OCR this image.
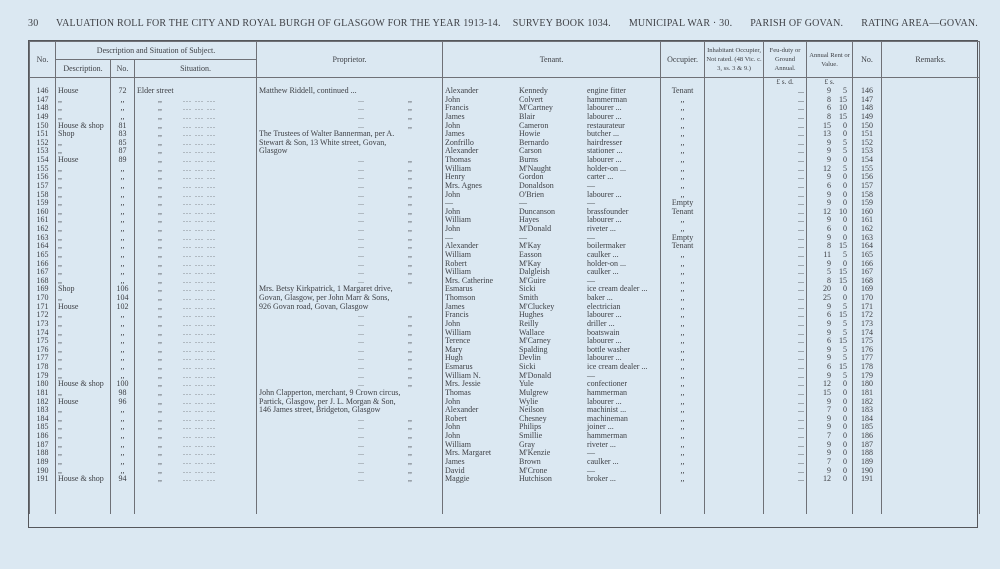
30	VALUATION ROLL FOR THE CITY AND ROYAL BURGH OF GLASGOW FOR THE YEAR 1913-14.	SURVEY BOOK 1034. MUNICIPAL WAR · 30. PARISH OF GOVAN. RATING AREA—GOVAN.
No.	Description and Situation of Subject.			Proprietor.	Tenant.	Occupier.	Inhabitant Occupier, Not rated. (48 Vic. c. 3, ss. 3 & 9.)	Feu-duty or Ground Annual.	Annual Rent or Value.	No.	Remarks.
	Description.	No.	Situation.								
								£ s. d.	£ s.		
146	House	72	Elder street	Matthew Riddell, continued ...	Alexander Kennedy engine fitter	Tenant		...	9 5	146	
147	,,	,,	,, ... ... ...	... ,,	John Colvert hammerman	,,		...	8 15	147	
148	,,	,,	,, ... ... ...	... ,,	Francis M'Cartney labourer ...	,,		...	6 10	148	
149	,,	,,	,, ... ... ...	... ,,	James Blair labourer ...	,,		...	8 15	149	
150	House & shop	81	,, ... ... ...	... ,,	John Cameron restaurateur	,,		...	15 0	150	
151	Shop	83	,, ... ... ...	The Trustees of Walter Bannerman, per A.	James Howie butcher ...	,,		...	13 0	151	
152	,,	85	,, ... ... ...	Stewart & Son, 13 White street, Govan,	Zonfrillo Bernardo hairdresser	,,		...	9 5	152	
153	,,	87	,, ... ... ...	Glasgow	Alexander Carson stationer ...	,,		...	9 5	153	
154	House	89	,, ... ... ...	... ,,	Thomas Burns labourer ...	,,		...	9 0	154	
155	,,	,,	,, ... ... ...	... ,,	William M'Naught holder-on ...	,,		...	12 5	155	
156	,,	,,	,, ... ... ...	... ,,	Henry Gordon carter ...	,,		...	9 0	156	
157	,,	,,	,, ... ... ...	... ,,	Mrs. Agnes Donaldson —	,,		...	6 0	157	
158	,,	,,	,, ... ... ...	... ,,	John O'Brien labourer ...	,,		...	9 0	158	
159	,,	,,	,, ... ... ...	... ,,	— — —	Empty		...	9 0	159	
160	,,	,,	,, ... ... ...	... ,,	John Duncanson brassfounder	Tenant		...	12 10	160	
161	,,	,,	,, ... ... ...	... ,,	William Hayes labourer ...	,,		...	9 0	161	
162	,,	,,	,, ... ... ...	... ,,	John M'Donald riveter ...	,,		...	6 0	162	
163	,,	,,	,, ... ... ...	... ,,	— — —	Empty		...	9 0	163	
164	,,	,,	,, ... ... ...	... ,,	Alexander M'Kay boilermaker	Tenant		...	8 15	164	
165	,,	,,	,, ... ... ...	... ,,	William Easson caulker ...	,,		...	11 5	165	
166	,,	,,	,, ... ... ...	... ,,	Robert M'Kay holder-on ...	,,		...	9 0	166	
167	,,	,,	,, ... ... ...	... ,,	William Dalgleish caulker ...	,,		...	5 15	167	
168	,,	,,	,, ... ... ...	... ,,	Mrs. Catherine M'Guire —	,,		...	8 15	168	
169	Shop	106	,, ... ... ...	Mrs. Betsy Kirkpatrick, 1 Margaret drive,	Esmarus Sicki ice cream dealer ...	,,		...	20 0	169	
170	,,	104	,, ... ... ...	Govan, Glasgow, per John Marr & Sons,	Thomson Smith baker ...	,,		...	25 0	170	
171	House	102	,, ... ... ...	926 Govan road, Govan, Glasgow	James M'Cluckey electrician	,,		...	9 5	171	
172	,,	,,	,, ... ... ...	... ,,	Francis Hughes labourer ...	,,		...	6 15	172	
173	,,	,,	,, ... ... ...	... ,,	John Reilly driller ...	,,		...	9 5	173	
174	,,	,,	,, ... ... ...	... ,,	William Wallace boatswain	,,		...	9 5	174	
175	,,	,,	,, ... ... ...	... ,,	Terence M'Carney labourer ...	,,		...	6 15	175	
176	,,	,,	,, ... ... ...	... ,,	Mary Spalding bottle washer	,,		...	9 5	176	
177	,,	,,	,, ... ... ...	... ,,	Hugh Devlin labourer ...	,,		...	9 5	177	
178	,,	,,	,, ... ... ...	... ,,	Esmarus Sicki ice cream dealer ...	,,		...	6 15	178	
179	,,	,,	,, ... ... ...	... ,,	William N. M'Donald —	,,		...	9 5	179	
180	House & shop	100	,, ... ... ...	... ,,	Mrs. Jessie Yule confectioner	,,		...	12 0	180	
181	,,	98	,, ... ... ...	John Clapperton, merchant, 9 Crown circus,	Thomas Mulgrew hammerman	,,		...	15 0	181	
182	House	96	,, ... ... ...	Partick, Glasgow, per J. L. Morgan & Son,	John Wylie labourer ...	,,		...	9 0	182	
183	,,	,,	,, ... ... ...	146 James street, Bridgeton, Glasgow	Alexander Neilson machinist ...	,,		...	7 0	183	
184	,,	,,	,, ... ... ...	... ,,	Robert Chesney machineman	,,		...	9 0	184	
185	,,	,,	,, ... ... ...	... ,,	John Philips joiner ...	,,		...	9 0	185	
186	,,	,,	,, ... ... ...	... ,,	John Smillie hammerman	,,		...	7 0	186	
187	,,	,,	,, ... ... ...	... ,,	William Gray riveter ...	,,		...	9 0	187	
188	,,	,,	,, ... ... ...	... ,,	Mrs. Margaret M'Kenzie —	,,		...	9 0	188	
189	,,	,,	,, ... ... ...	... ,,	James Brown caulker ...	,,		...	7 0	189	
190	,,	,,	,, ... ... ...	... ,,	David M'Crone —	,,		...	9 0	190	
191	House & shop	94	,, ... ... ...	... ,,	Maggie Hutchison broker ...	,,		...	12 0	191	
